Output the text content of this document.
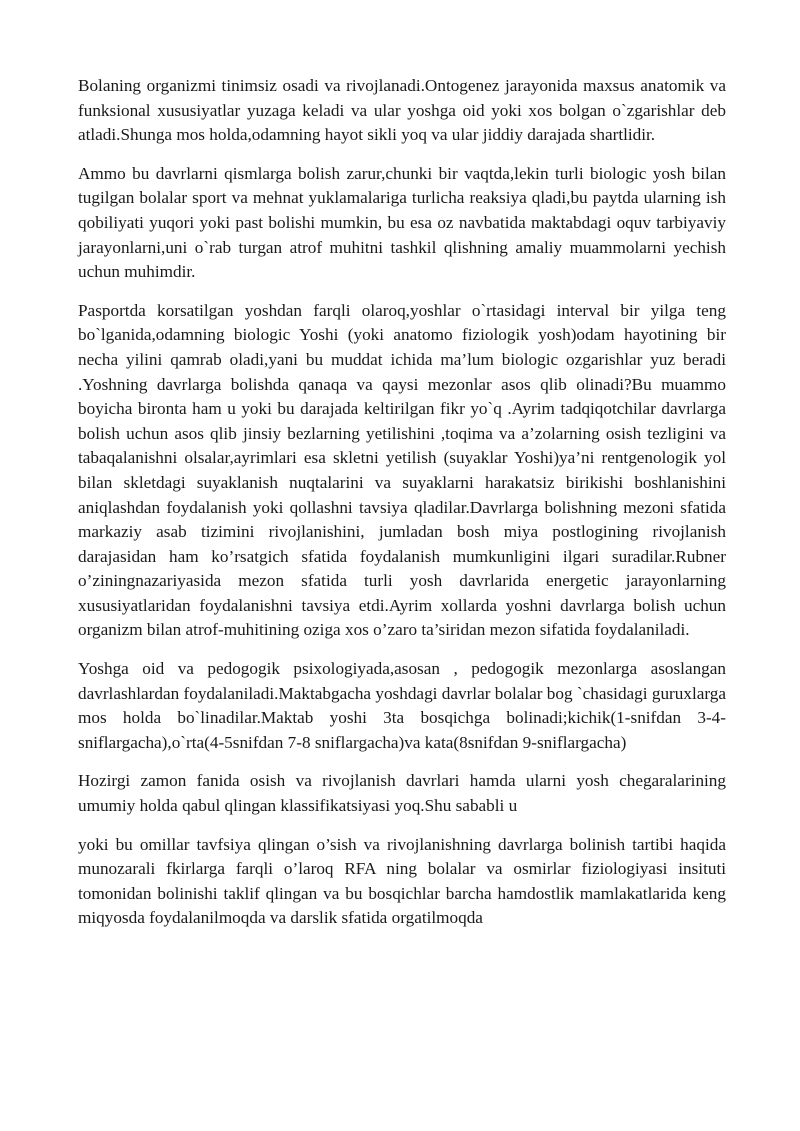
Bolaning organizmi tinimsiz osadi va rivojlanadi.Ontogenez jarayonida maxsus anatomik va funksional xususiyatlar yuzaga keladi va ular yoshga oid yoki xos bolgan o`zgarishlar deb atladi.Shunga mos holda,odamning hayot sikli yoq va ular jiddiy darajada shartlidir.

Ammo bu davrlarni qismlarga bolish zarur,chunki bir vaqtda,lekin turli biologic yosh bilan tugilgan bolalar sport va mehnat yuklamalariga turlicha reaksiya qladi,bu paytda ularning ish qobiliyati yuqori yoki past bolishi mumkin, bu esa oz navbatida maktabdagi oquv tarbiyaviy jarayonlarni,uni o`rab turgan atrof muhitni tashkil qlishning amaliy muammolarni yechish uchun muhimdir.

Pasportda korsatilgan yoshdan farqli olaroq,yoshlar o`rtasidagi interval bir yilga teng bo`lganida,odamning biologic Yoshi (yoki anatomo fiziologik yosh)odam hayotining bir necha yilini qamrab oladi,yani bu muddat ichida ma’lum biologic ozgarishlar yuz beradi .Yoshning davrlarga bolishda qanaqa va qaysi mezonlar asos qlib olinadi?Bu muammo boyicha bironta ham u yoki bu darajada keltirilgan fikr yo`q .Ayrim tadqiqotchilar davrlarga bolish uchun asos qlib jinsiy bezlarning yetilishini ,toqima va a’zolarning osish tezligini va tabaqalanishni olsalar,ayrimlari esa skletni yetilish (suyaklar Yoshi)ya’ni rentgenologik yol bilan skletdagi suyaklanish nuqtalarini va suyaklarni harakatsiz birikishi boshlanishini aniqlashdan foydalanish yoki qollashni tavsiya qladilar.Davrlarga bolishning mezoni sfatida markaziy asab tizimini rivojlanishini, jumladan bosh miya postlogining rivojlanish darajasidan ham ko’rsatgich sfatida foydalanish mumkunligini ilgari suradilar.Rubner o’ziningnazariyasida mezon sfatida turli yosh davrlarida energetic jarayonlarning xususiyatlaridan foydalanishni tavsiya etdi.Ayrim xollarda yoshni davrlarga bolish uchun organizm bilan atrof-muhitining oziga xos o’zaro ta’siridan mezon sifatida foydalaniladi.

Yoshga oid va pedogogik psixologiyada,asosan , pedogogik mezonlarga asoslangan davrlashlardan foydalaniladi.Maktabgacha yoshdagi davrlar bolalar bog `chasidagi guruxlarga mos holda bo`linadilar.Maktab yoshi 3ta bosqichga bolinadi;kichik(1-snifdan 3-4-sniflargacha),o`rta(4-5snifdan 7-8 sniflargacha)va kata(8snifdan 9-sniflargacha)

Hozirgi zamon fanida osish va rivojlanish davrlari hamda ularni yosh chegaralarining umumiy holda qabul qlingan klassifikatsiyasi yoq.Shu sababli u

yoki bu omillar tavfsiya qlingan o’sish va rivojlanishning davrlarga bolinish tartibi haqida munozarali fkirlarga farqli o’laroq RFA ning bolalar va osmirlar fiziologiyasi insituti tomonidan bolinishi taklif qlingan va bu bosqichlar barcha hamdostlik mamlakatlarida keng miqyosda foydalanilmoqda va darslik sfatida orgatilmoqda
